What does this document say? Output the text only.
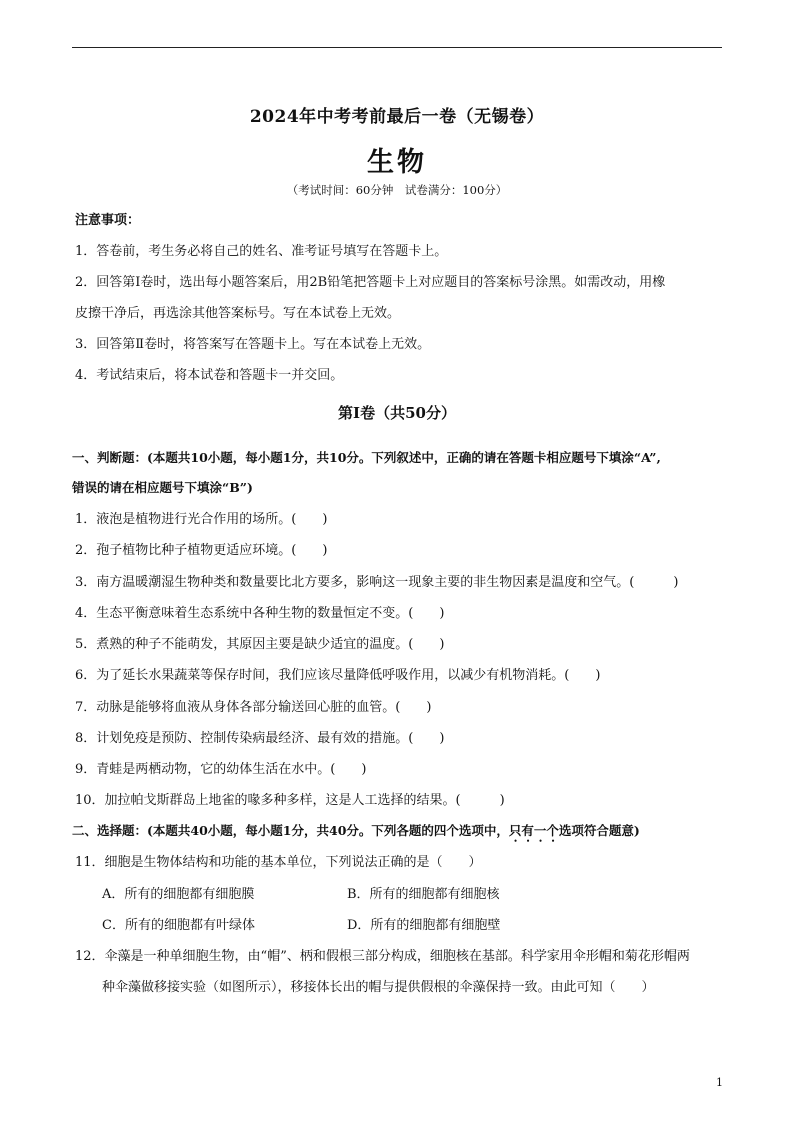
2024年中考考前最后一卷（无锡卷）
生物
（考试时间：60分钟　试卷满分：100分）
注意事项：
1．答卷前，考生务必将自己的姓名、准考证号填写在答题卡上。
2．回答第Ⅰ卷时，选出每小题答案后，用2B铅笔把答题卡上对应题目的答案标号涂黑。如需改动，用橡
皮擦干净后，再选涂其他答案标号。写在本试卷上无效。
3．回答第Ⅱ卷时，将答案写在答题卡上。写在本试卷上无效。
4．考试结束后，将本试卷和答题卡一并交回。
第Ⅰ卷（共50分）
一、判断题：(本题共10小题，每小题1分，共10分。下列叙述中，正确的请在答题卡相应题号下填涂“A”,
错误的请在相应题号下填涂“B”)
1．液泡是植物进行光合作用的场所。(　　)
2．孢子植物比种子植物更适应环境。(　　)
3．南方温暖潮湿生物种类和数量要比北方要多，影响这一现象主要的非生物因素是温度和空气。(　　　)
4．生态平衡意味着生态系统中各种生物的数量恒定不变。(　　)
5．煮熟的种子不能萌发，其原因主要是缺少适宜的温度。(　　)
6．为了延长水果蔬菜等保存时间，我们应该尽量降低呼吸作用，以减少有机物消耗。(　　)
7．动脉是能够将血液从身体各部分输送回心脏的血管。(　　)
8．计划免疫是预防、控制传染病最经济、最有效的措施。(　　)
9．青蛙是两栖动物，它的幼体生活在水中。(　　)
10．加拉帕戈斯群岛上地雀的喙多种多样，这是人工选择的结果。(　　　)
二、选择题：(本题共40小题，每小题1分，共40分。下列各题的四个选项中，只有一个选项符合题意)
11．细胞是生物体结构和功能的基本单位，下列说法正确的是（　　）
A．所有的细胞都有细胞膜	B．所有的细胞都有细胞核
C．所有的细胞都有叶绿体	D．所有的细胞都有细胞壁
12．伞藻是一种单细胞生物，由“帽”、柄和假根三部分构成，细胞核在基部。科学家用伞形帽和菊花形帽两
种伞藻做移接实验（如图所示），移接体长出的帽与提供假根的伞藻保持一致。由此可知（　　）
1
